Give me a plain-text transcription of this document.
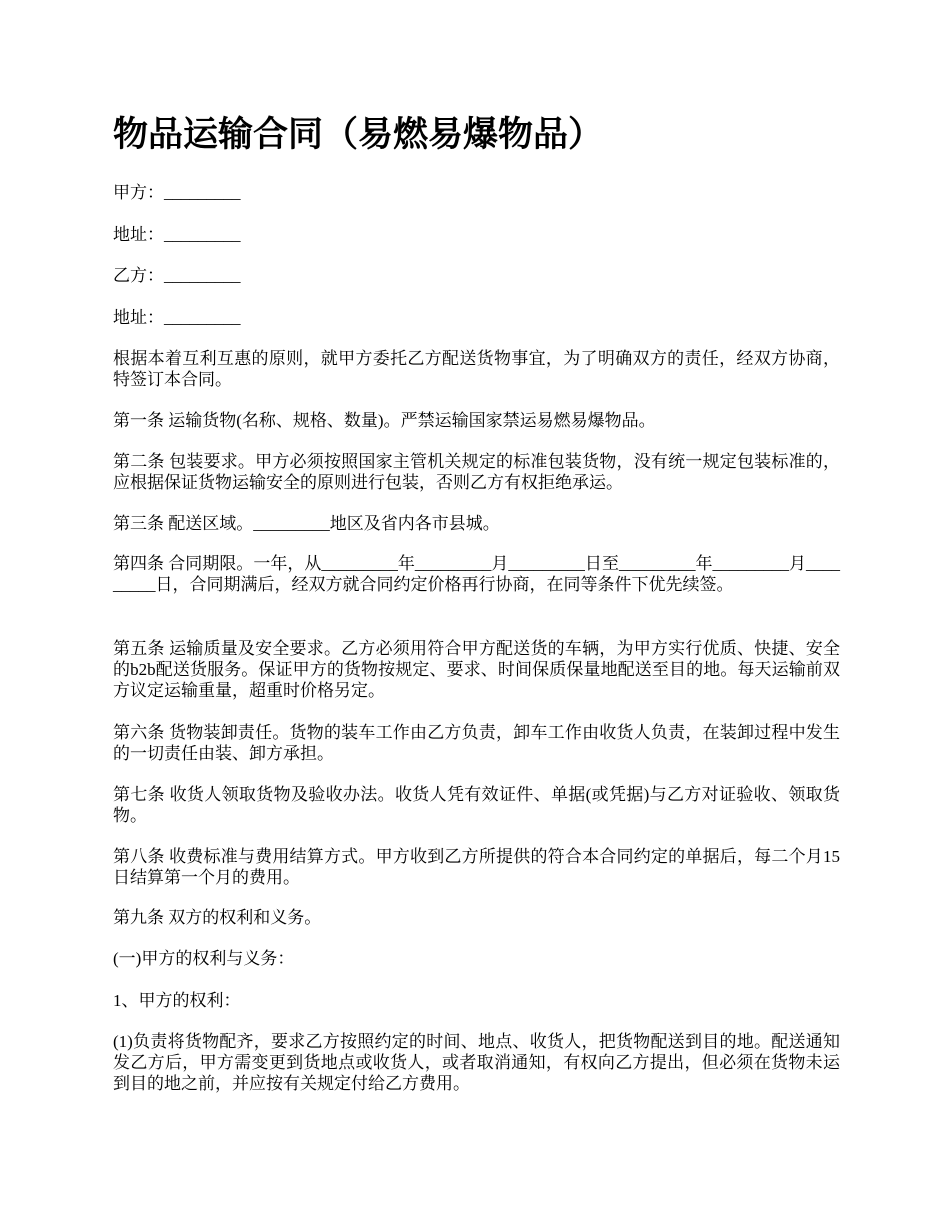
物品运输合同（易燃易爆物品）

甲方：_________

地址：_________

乙方：_________

地址：_________

根据本着互利互惠的原则，就甲方委托乙方配送货物事宜，为了明确双方的责任，经双方协商，特签订本合同。

第一条 运输货物(名称、规格、数量)。严禁运输国家禁运易燃易爆物品。

第二条 包装要求。甲方必须按照国家主管机关规定的标准包装货物，没有统一规定包装标准的，应根据保证货物运输安全的原则进行包装，否则乙方有权拒绝承运。

第三条 配送区域。_________地区及省内各市县城。

第四条 合同期限。一年，从_________年_________月_________日至_________年_________月_________日，合同期满后，经双方就合同约定价格再行协商，在同等条件下优先续签。

第五条 运输质量及安全要求。乙方必须用符合甲方配送货的车辆，为甲方实行优质、快捷、安全的b2b配送货服务。保证甲方的货物按规定、要求、时间保质保量地配送至目的地。每天运输前双方议定运输重量，超重时价格另定。

第六条 货物装卸责任。货物的装车工作由乙方负责，卸车工作由收货人负责，在装卸过程中发生的一切责任由装、卸方承担。

第七条 收货人领取货物及验收办法。收货人凭有效证件、单据(或凭据)与乙方对证验收、领取货物。

第八条 收费标准与费用结算方式。甲方收到乙方所提供的符合本合同约定的单据后，每二个月15日结算第一个月的费用。

第九条 双方的权利和义务。

(一)甲方的权利与义务：

1、甲方的权利：

(1)负责将货物配齐，要求乙方按照约定的时间、地点、收货人，把货物配送到目的地。配送通知发乙方后，甲方需变更到货地点或收货人，或者取消通知，有权向乙方提出，但必须在货物未运到目的地之前，并应按有关规定付给乙方费用。
